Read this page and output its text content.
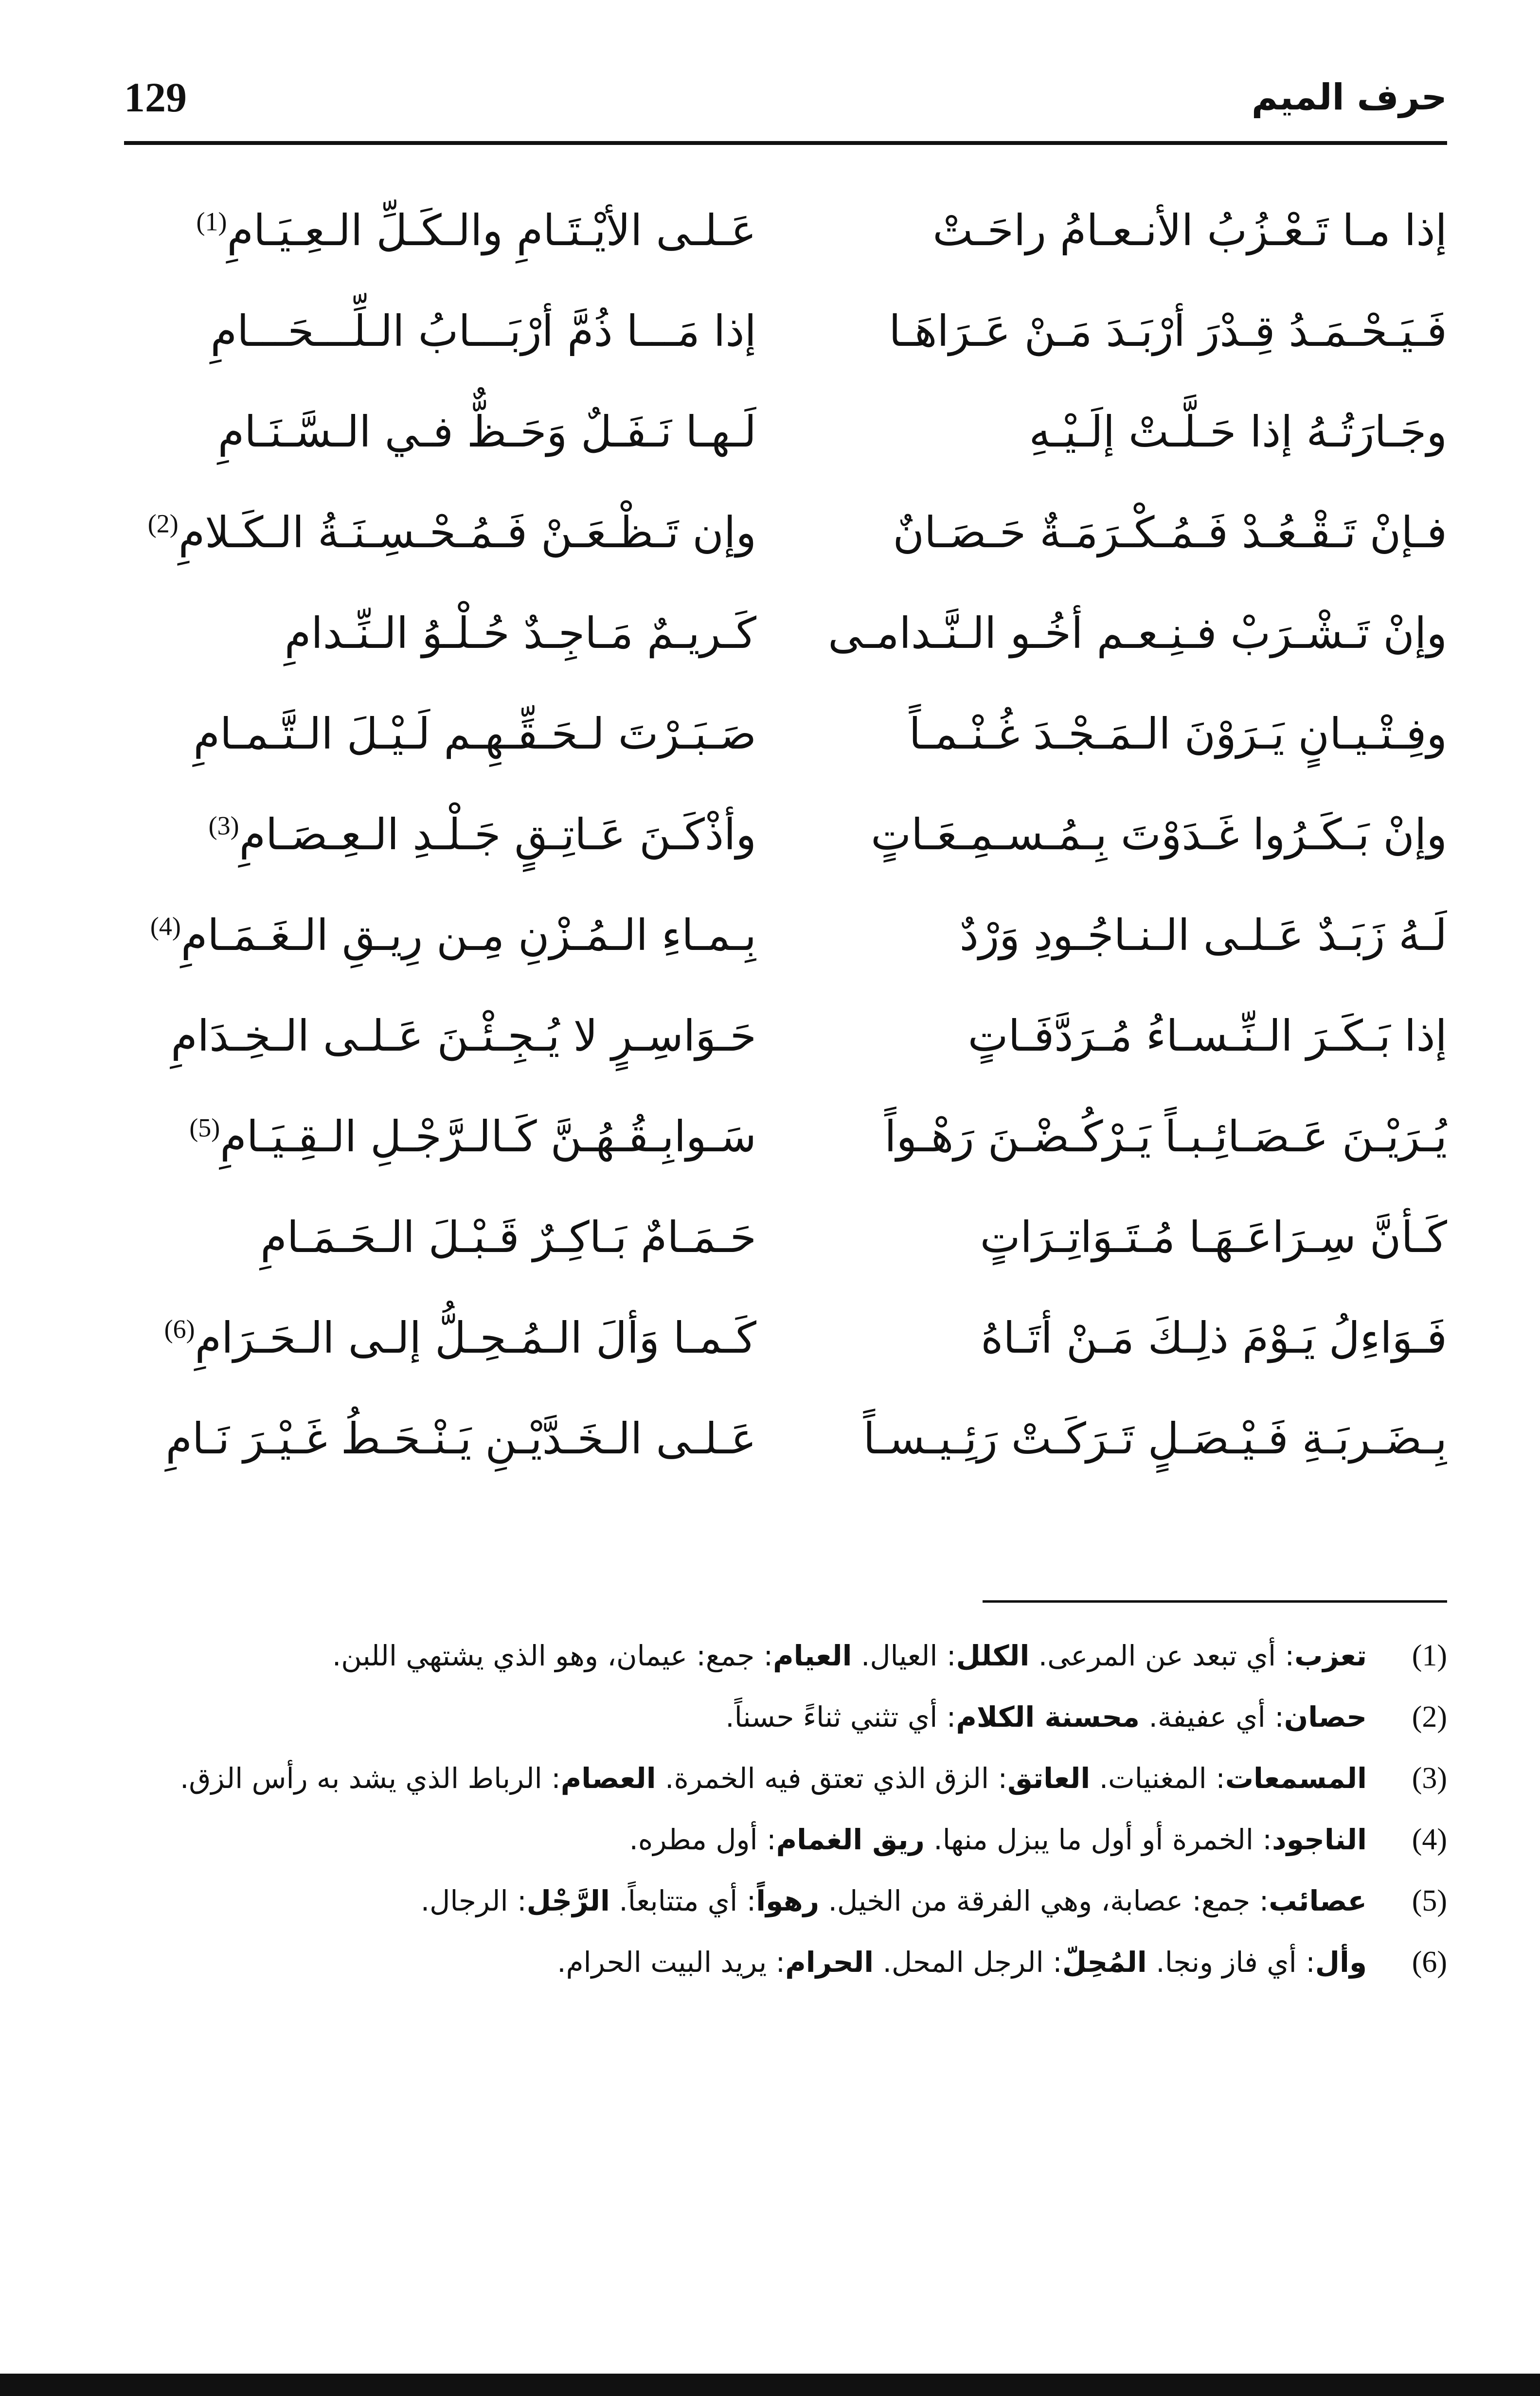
129	حرف الميم
إذا مـا تَـعْـزُبُ الأنـعـامُ راحَـتْ
عَـلـى الأيْـتَـامِ والـكَـلِّ الـعِـيَـامِ$^{(1)}$
فَـيَـحْـمَـدُ قِـدْرَ أرْبَـدَ مَـنْ عَـرَاهَـا
إذا مَـــا ذُمَّ أرْبَـــابُ الـلِّـــحَـــامِ
وجَـارَتُـهُ إذا حَـلَّـتْ إلَـيْـهِ
لَـهـا نَـفَـلٌ وَحَـظٌّ فـي الـسَّـنَـامِ
فـإنْ تَـقْـعُـدْ فَـمُـكْـرَمَـةٌ حَـصَـانٌ
وإن تَـظْـعَـنْ فَـمُـحْـسِـنَـةُ الـكَـلامِ$^{(2)}$
وإنْ تَـشْـرَبْ فـنِـعـم أخُـو الـنَّـدامـى
كَـريـمٌ مَـاجِـدٌ حُـلْـوُ الـنِّـدامِ
وفِـتْـيـانٍ يَـرَوْنَ الـمَـجْـدَ غُـنْـمـاً
صَـبَـرْتَ لـحَـقِّـهِـم لَـيْـلَ الـتَّـمـامِ
وإنْ بَـكَـرُوا غَـدَوْتَ بِـمُـسـمِـعَـاتٍ
وأذْكَـنَ عَـاتِـقٍ جَـلْـدِ الـعِـصَـامِ$^{(3)}$
لَـهُ زَبَـدٌ عَـلـى الـنـاجُـودِ وَرْدٌ
بِـمـاءِ الـمُـزْنِ مِـن رِيـقِ الـغَـمَـامِ$^{(4)}$
إذا بَـكَـرَ الـنِّـسـاءُ مُـرَدَّفَـاتٍ
حَـوَاسِـرٍ لا يُـجِـئْـنَ عَـلـى الـخِـدَامِ
يُـرَيْـنَ عَـصَـائِـبـاً يَـرْكُـضْـنَ رَهْـواً
سَـوابِـقُـهُـنَّ كَـالـرَّجْـلِ الـقِـيَـامِ$^{(5)}$
كَـأنَّ سِـرَاعَـهَـا مُـتَـوَاتِـرَاتٍ
حَـمَـامٌ بَـاكِـرٌ قَـبْـلَ الـحَـمَـامِ
فَـوَاءِلُ يَـوْمَ ذلِـكَ مَـنْ أتَـاهُ
كَـمـا وَألَ الـمُـحِـلُّ إلـى الـحَـرَامِ$^{(6)}$
بِـضَـربَـةِ فَـيْـصَـلٍ تَـرَكَـتْ رَئِـيـسـاً
عَـلـى الـخَـدَّيْـنِ يَـنْـحَـطُ غَـيْـرَ نَـامِ
(1)
تعزب: أي تبعد عن المرعى. الكلل: العيال. العيام: جمع: عيمان، وهو الذي يشتهي اللبن.
(2)
حصان: أي عفيفة. محسنة الكلام: أي تثني ثناءً حسناً.
(3)
المسمعات: المغنيات. العاتق: الزق الذي تعتق فيه الخمرة. العصام: الرباط الذي يشد به رأس الزق.
(4)
الناجود: الخمرة أو أول ما يبزل منها. ريق الغمام: أول مطره.
(5)
عصائب: جمع: عصابة، وهي الفرقة من الخيل. رهواً: أي متتابعاً. الرَّجْل: الرجال.
(6)
وأل: أي فاز ونجا. المُحِلّ: الرجل المحل. الحرام: يريد البيت الحرام.
